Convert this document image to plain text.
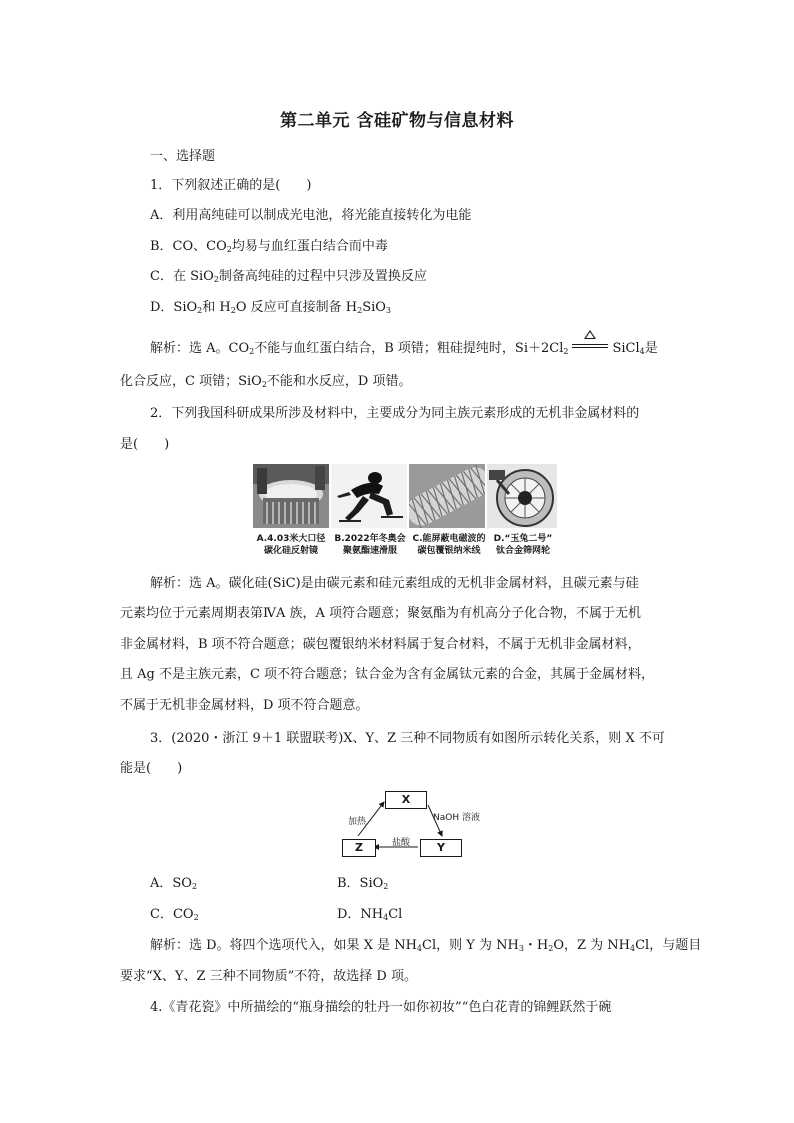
第二单元 含硅矿物与信息材料
一、选择题
1．下列叙述正确的是(　　)
A．利用高纯硅可以制成光电池，将光能直接转化为电能
B．CO、$CO_2$均易与血红蛋白结合而中毒
C．在 SiO$_2$制备高纯硅的过程中只涉及置换反应
D．SiO$_2$和 $H_2O$ 反应可直接制备 $H_2SiO_3$
解析：选 A。$CO_2$不能与血红蛋白结合，B 项错；粗硅提纯时，$Si+2Cl_2$	SiCl$_4$是
化合反应，C 项错；SiO$_2$不能和水反应，D 项错。
2．下列我国科研成果所涉及材料中，主要成分为同主族元素形成的无机非金属材料的
是(　　)
A.4.03米大口径
碳化硅反射镜
B.2022年冬奥会
聚氨酯速滑服
C.能屏蔽电磁波的
碳包覆银纳米线
D.“玉兔二号”
钛合金筛网轮
解析：选 A。碳化硅(SiC)是由碳元素和硅元素组成的无机非金属材料，且碳元素与硅
元素均位于元素周期表第ⅣA 族，A 项符合题意；聚氨酯为有机高分子化合物，不属于无机
非金属材料，B 项不符合题意；碳包覆银纳米材料属于复合材料，不属于无机非金属材料，
且 Ag 不是主族元素，C 项不符合题意；钛合金为含有金属钛元素的合金，其属于金属材料，
不属于无机非金属材料，D 项不符合题意。
3．(2020・浙江 9＋1 联盟联考)X、Y、Z 三种不同物质有如图所示转化关系，则 X 不可
能是(　　)
X
Z	Y
加热	NaOH 溶液
盐酸
A．$SO_2$	B．SiO$_2$
C．$CO_2$	D．$NH_4Cl$
解析：选 D。将四个选项代入，如果 X 是 $NH_4Cl$，则 Y 为 $NH_3$・$H_2O$，Z 为 $NH_4Cl$，与题目
要求“X、Y、Z 三种不同物质”不符，故选择 D 项。
4.《青花瓷》中所描绘的“瓶身描绘的牡丹一如你初妆”“色白花青的锦鲤跃然于碗
